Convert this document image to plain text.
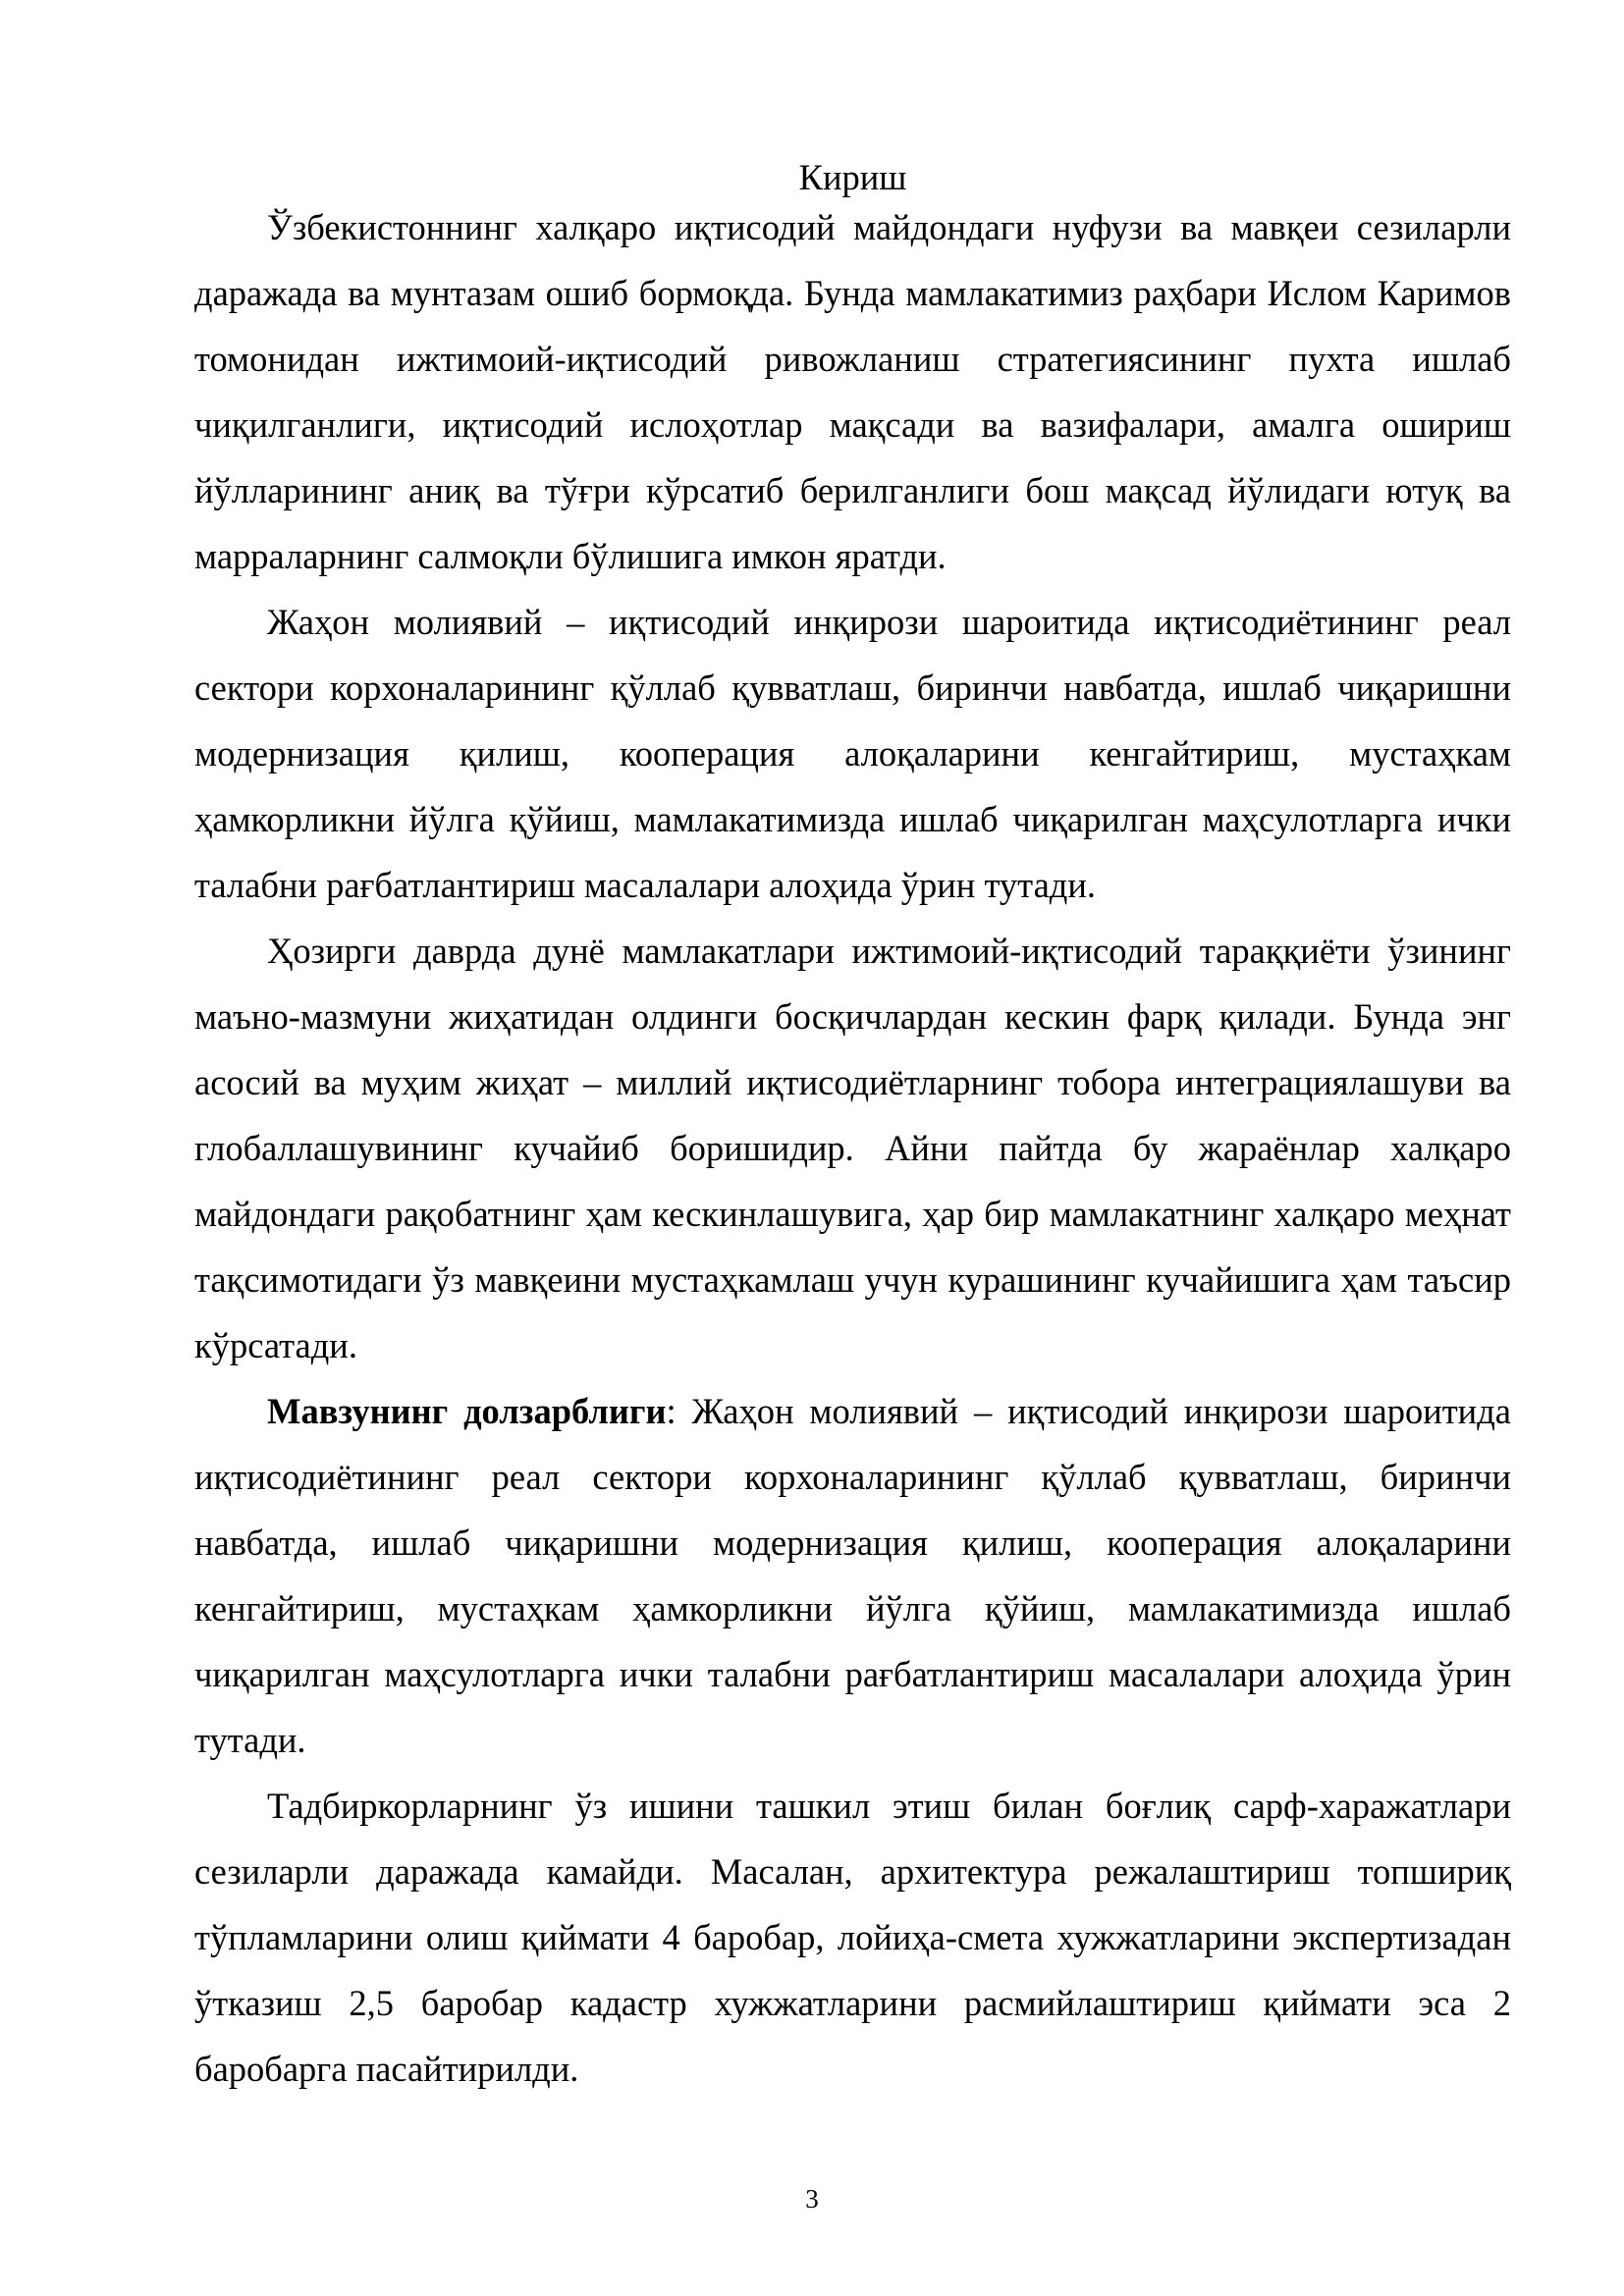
Кириш

Ўзбекистоннинг халқаро иқтисодий майдондаги нуфузи ва мавқеи сезиларли даражада ва мунтазам ошиб бормоқда. Бунда мамлакатимиз раҳбари Ислом Каримов томонидан ижтимоий-иқтисодий ривожланиш стратегиясининг пухта ишлаб чиқилганлиги, иқтисодий ислоҳотлар мақсади ва вазифалари, амалга ошириш йўлларининг аниқ ва тўғри кўрсатиб берилганлиги бош мақсад йўлидаги ютуқ ва марраларнинг салмоқли бўлишига имкон яратди.

Жаҳон молиявий – иқтисодий инқирози шароитида иқтисодиётининг реал сектори корхоналарининг қўллаб қувватлаш, биринчи навбатда, ишлаб чиқаришни модернизация қилиш, кооперация алоқаларини кенгайтириш, мустаҳкам ҳамкорликни йўлга қўйиш, мамлакатимизда ишлаб чиқарилган маҳсулотларга ички талабни рағбатлантириш масалалари алоҳида ўрин тутади.

Ҳозирги даврда дунё мамлакатлари ижтимоий-иқтисодий тараққиёти ўзининг маъно-мазмуни жиҳатидан олдинги босқичлардан кескин фарқ қилади. Бунда энг асосий ва муҳим жиҳат – миллий иқтисодиётларнинг тобора интеграциялашуви ва глобаллашувининг кучайиб боришидир. Айни пайтда бу жараёнлар халқаро майдондаги рақобатнинг ҳам кескинлашувига, ҳар бир мамлакатнинг халқаро меҳнат тақсимотидаги ўз мавқеини мустаҳкамлаш учун курашининг кучайишига ҳам таъсир кўрсатади.

Мавзунинг долзарблиги: Жаҳон молиявий – иқтисодий инқирози шароитида иқтисодиётининг реал сектори корхоналарининг қўллаб қувватлаш, биринчи навбатда, ишлаб чиқаришни модернизация қилиш, кооперация алоқаларини кенгайтириш, мустаҳкам ҳамкорликни йўлга қўйиш, мамлакатимизда ишлаб чиқарилган маҳсулотларга ички талабни рағбатлантириш масалалари алоҳида ўрин тутади.

Тадбиркорларнинг ўз ишини ташкил этиш билан боғлиқ сарф-харажатлари сезиларли даражада камайди. Масалан, архитектура режалаштириш топшириқ тўпламларини олиш қиймати 4 баробар, лойиҳа-смета хужжатларини экспертизадан ўтказиш 2,5 баробар кадастр хужжатларини расмийлаштириш қиймати эса 2 баробарга пасайтирилди.

3
